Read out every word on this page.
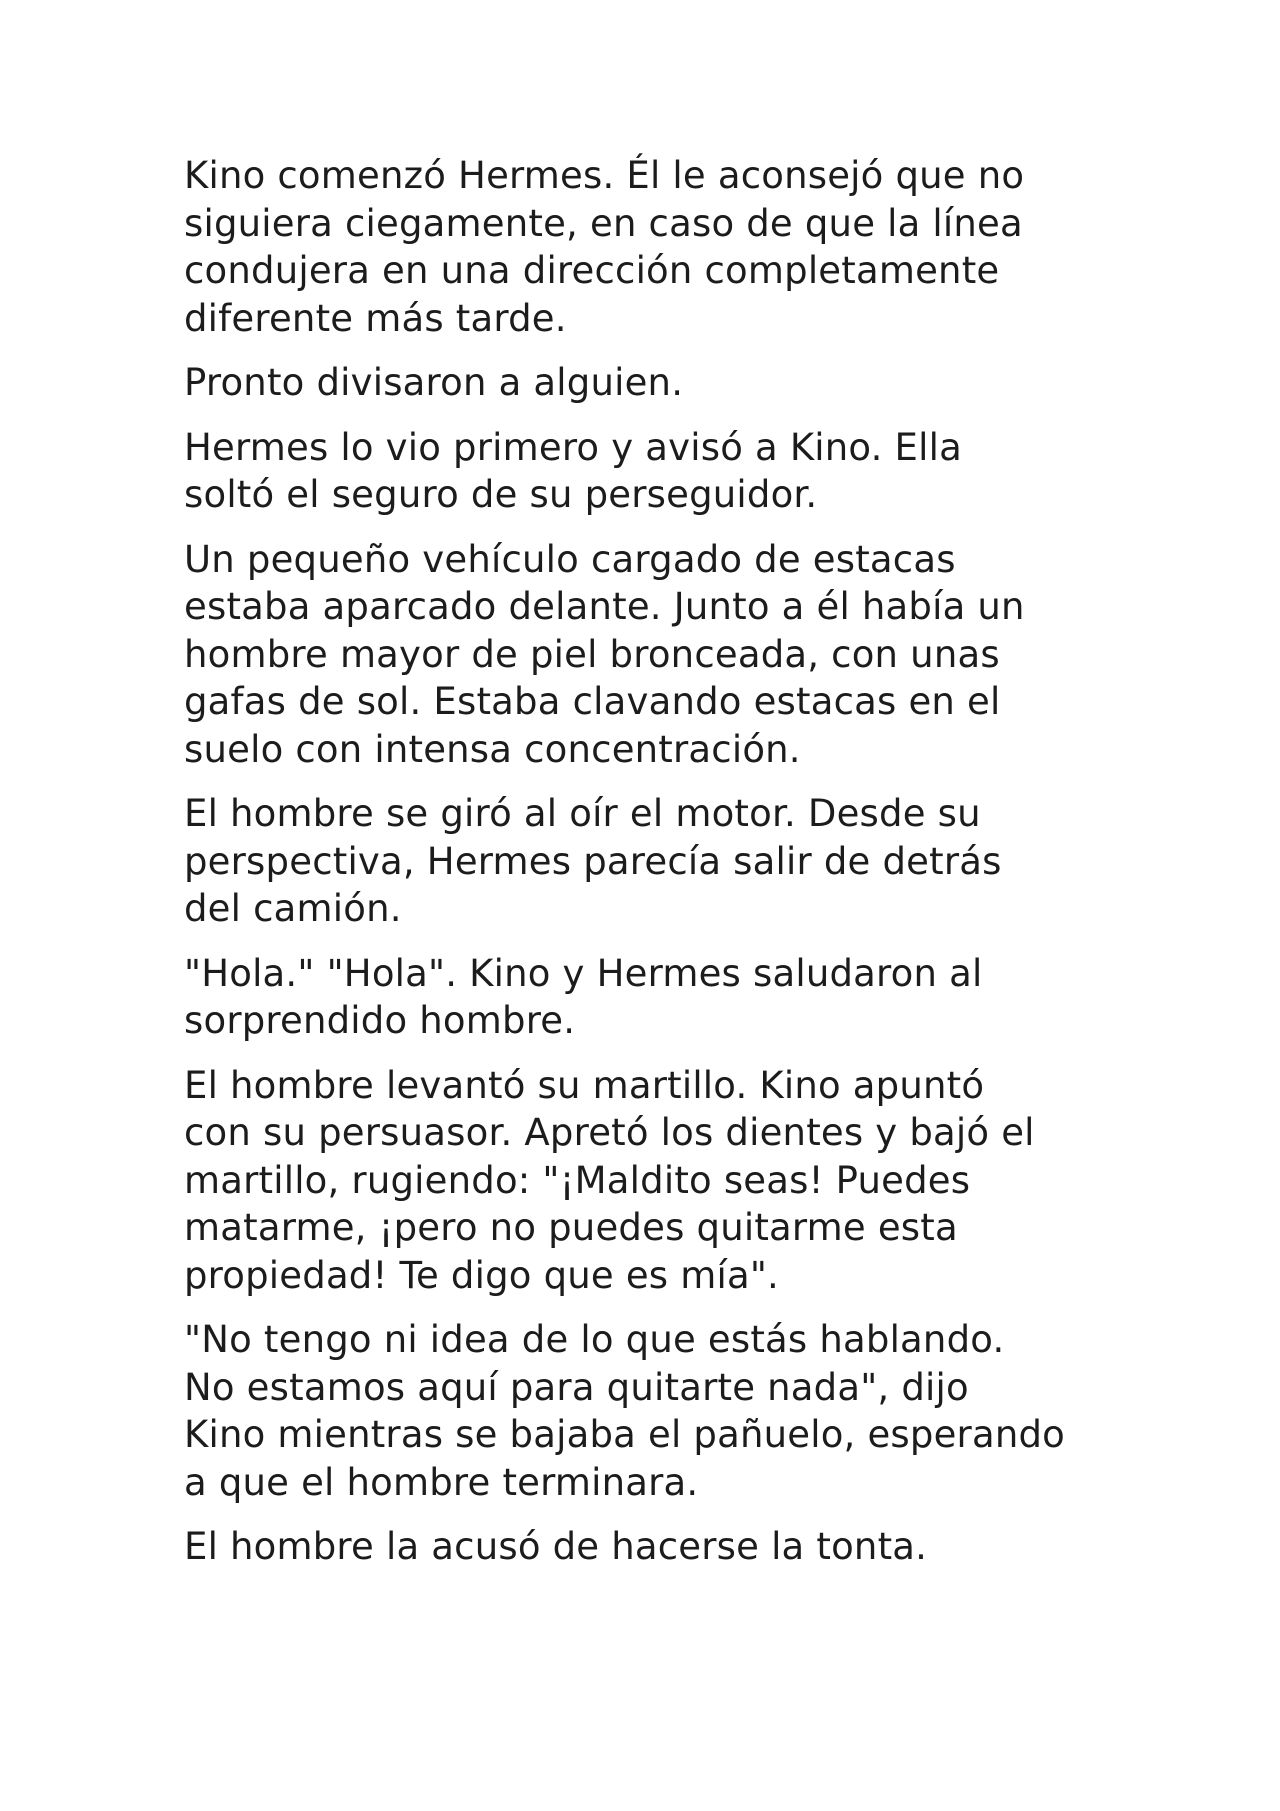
Kino comenzó Hermes. Él le aconsejó que no
siguiera ciegamente, en caso de que la línea
condujera en una dirección completamente
diferente más tarde.

Pronto divisaron a alguien.

Hermes lo vio primero y avisó a Kino. Ella
soltó el seguro de su perseguidor.

Un pequeño vehículo cargado de estacas
estaba aparcado delante. Junto a él había un
hombre mayor de piel bronceada, con unas
gafas de sol. Estaba clavando estacas en el
suelo con intensa concentración.

El hombre se giró al oír el motor. Desde su
perspectiva, Hermes parecía salir de detrás
del camión.

"Hola." "Hola". Kino y Hermes saludaron al
sorprendido hombre.

El hombre levantó su martillo. Kino apuntó
con su persuasor. Apretó los dientes y bajó el
martillo, rugiendo: "¡Maldito seas! Puedes
matarme, ¡pero no puedes quitarme esta
propiedad! Te digo que es mía".

"No tengo ni idea de lo que estás hablando.
No estamos aquí para quitarte nada", dijo
Kino mientras se bajaba el pañuelo, esperando
a que el hombre terminara.

El hombre la acusó de hacerse la tonta.
